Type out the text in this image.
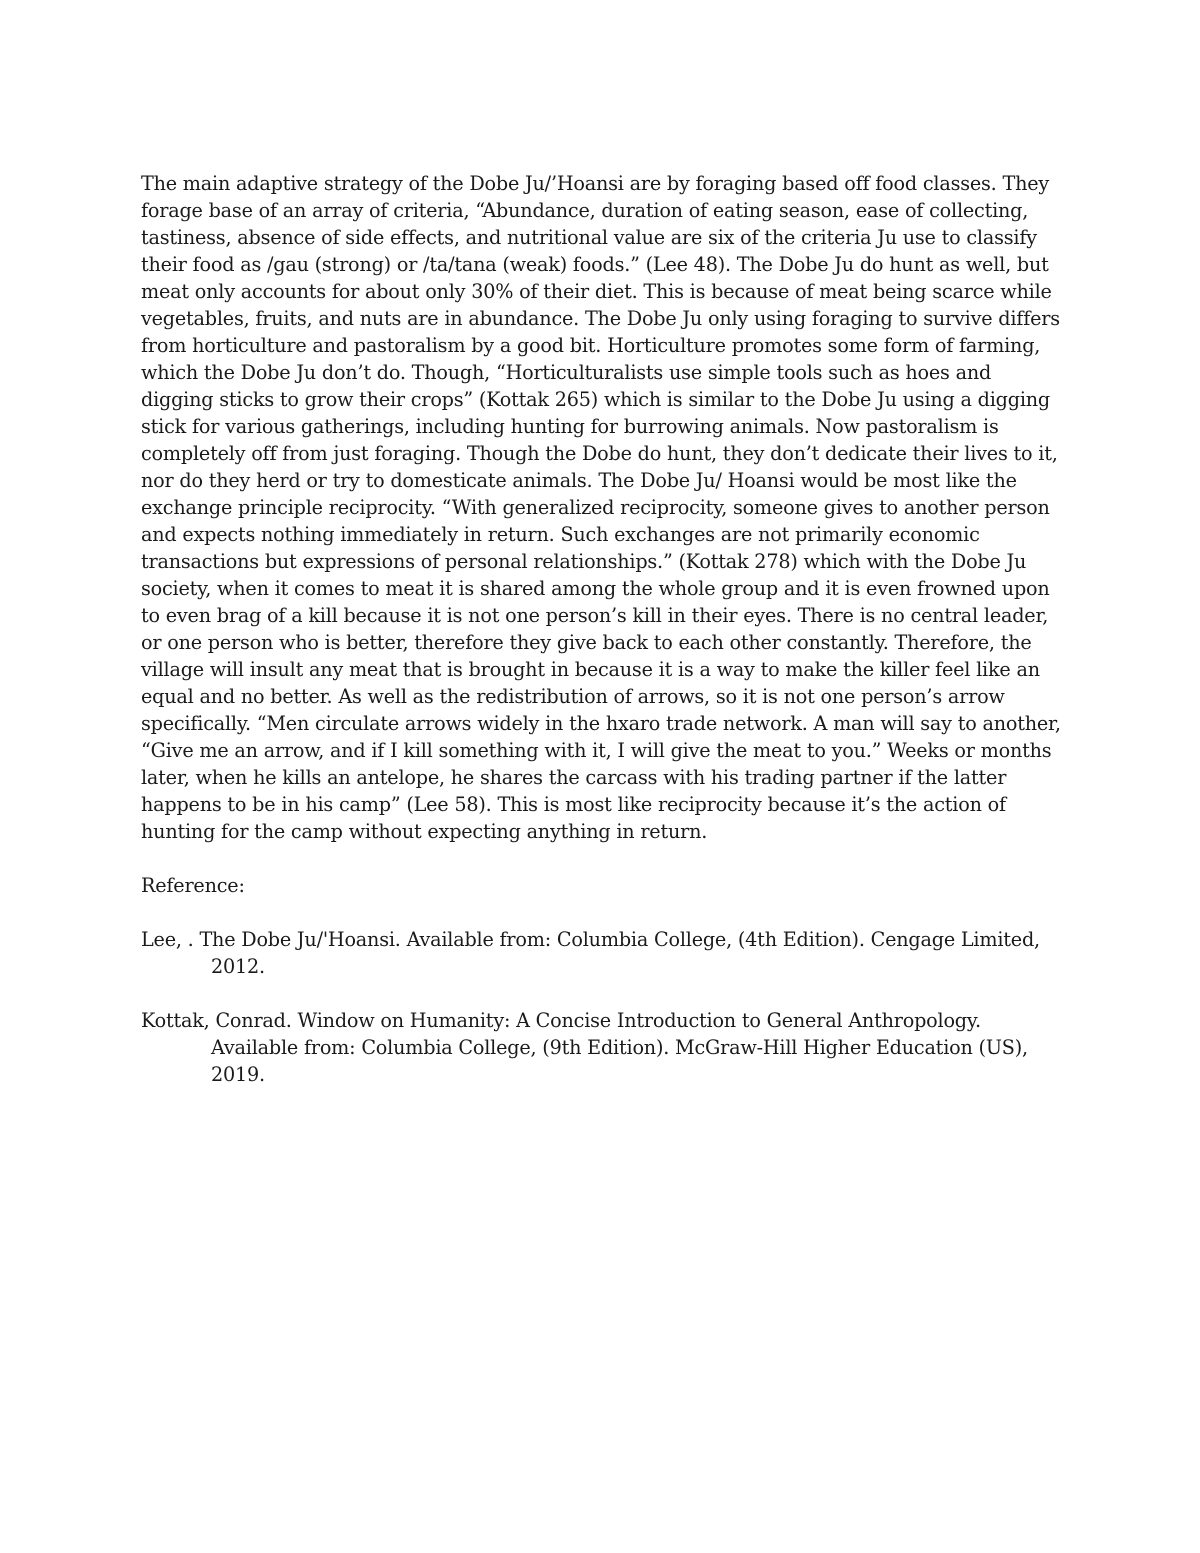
The main adaptive strategy of the Dobe Ju/’Hoansi are by foraging based off food classes. They forage base of an array of criteria, “Abundance, duration of eating season, ease of collecting, tastiness, absence of side effects, and nutritional value are six of the criteria Ju use to classify their food as /gau (strong) or /ta/tana (weak) foods.” (Lee 48). The Dobe Ju do hunt as well, but meat only accounts for about only 30% of their diet. This is because of meat being scarce while vegetables, fruits, and nuts are in abundance. The Dobe Ju only using foraging to survive differs from horticulture and pastoralism by a good bit. Horticulture promotes some form of farming, which the Dobe Ju don’t do. Though, “Horticulturalists use simple tools such as hoes and digging sticks to grow their crops” (Kottak 265) which is similar to the Dobe Ju using a digging stick for various gatherings, including hunting for burrowing animals. Now pastoralism is completely off from just foraging. Though the Dobe do hunt, they don’t dedicate their lives to it, nor do they herd or try to domesticate animals. The Dobe Ju/ Hoansi would be most like the exchange principle reciprocity. “With generalized reciprocity, someone gives to another person and expects nothing immediately in return. Such exchanges are not primarily economic transactions but expressions of personal relationships.” (Kottak 278) which with the Dobe Ju society, when it comes to meat it is shared among the whole group and it is even frowned upon to even brag of a kill because it is not one person’s kill in their eyes. There is no central leader, or one person who is better, therefore they give back to each other constantly. Therefore, the village will insult any meat that is brought in because it is a way to make the killer feel like an equal and no better. As well as the redistribution of arrows, so it is not one person’s arrow specifically. “Men circulate arrows widely in the hxaro trade network. A man will say to another, “Give me an arrow, and if I kill something with it, I will give the meat to you.” Weeks or months later, when he kills an antelope, he shares the carcass with his trading partner if the latter happens to be in his camp” (Lee 58). This is most like reciprocity because it’s the action of hunting for the camp without expecting anything in return.

Reference:

Lee, . The Dobe Ju/'Hoansi. Available from: Columbia College, (4th Edition). Cengage Limited, 2012.
Kottak, Conrad. Window on Humanity: A Concise Introduction to General Anthropology. Available from: Columbia College, (9th Edition). McGraw-Hill Higher Education (US), 2019.
